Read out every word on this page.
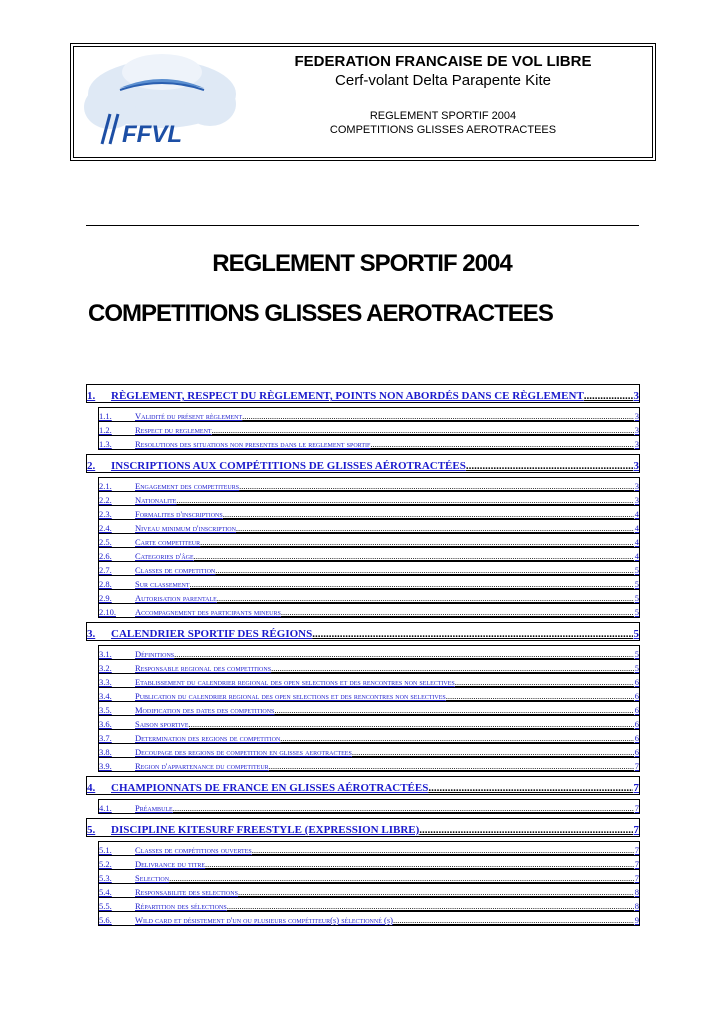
FFVL
FEDERATION FRANCAISE DE VOL LIBRE
Cerf-volant Delta Parapente Kite
REGLEMENT SPORTIF 2004
COMPETITIONS GLISSES AEROTRACTEES
REGLEMENT SPORTIF 2004
COMPETITIONS GLISSES AEROTRACTEES
1.	RÈGLEMENT, RESPECT DU RÈGLEMENT, POINTS NON ABORDÉS DANS CE RÈGLEMENT .....	3
1.1.	Validité du présent règlement .....	3
1.2.	Respect du reglement .....	3
1.3.	Resolutions des situations non presentes dans le reglement sportif .....	3
2.	INSCRIPTIONS AUX COMPÉTITIONS DE GLISSES AÉROTRACTÉES .....	3
2.1.	Engagement des competiteurs .....	3
2.2.	Nationalite .....	3
2.3.	Formalites d'inscriptions .....	4
2.4.	Niveau minimum d'inscription .....	4
2.5.	Carte competiteur .....	4
2.6.	Categories d'âge .....	4
2.7.	Classes de competition .....	5
2.8.	Sur classement .....	5
2.9.	Autorisation parentale .....	5
2.10.	Accompagnement des participants mineurs .....	5
3.	CALENDRIER SPORTIF DES RÉGIONS .....	5
3.1.	Définitions .....	5
3.2.	Responsable regional des competitions .....	5
3.3.	Etablissement du calendrier regional des open selections et des rencontres non selectives .....	6
3.4.	Publication du calendrier regional des open selections et des rencontres non selectives .....	6
3.5.	Modification des dates des competitions .....	6
3.6.	Saison sportive .....	6
3.7.	Determination des regions de competition .....	6
3.8.	Decoupage des regions de competition en glisses aerotractees .....	6
3.9.	Region d'appartenance du competiteur .....	7
4.	CHAMPIONNATS DE FRANCE EN GLISSES AÉROTRACTÉES .....	7
4.1.	Préambule .....	7
5.	DISCIPLINE KITESURF FREESTYLE (EXPRESSION LIBRE) .....	7
5.1.	Classes de compétitions ouvertes .....	7
5.2.	Delivrance du titre .....	7
5.3.	Selection .....	7
5.4.	Responsabilite des selections .....	8
5.5.	Répartition des sélections .....	8
5.6.	Wild card et désistement d'un ou plusieurs compétiteur(s) sélectionné (s) .....	9
